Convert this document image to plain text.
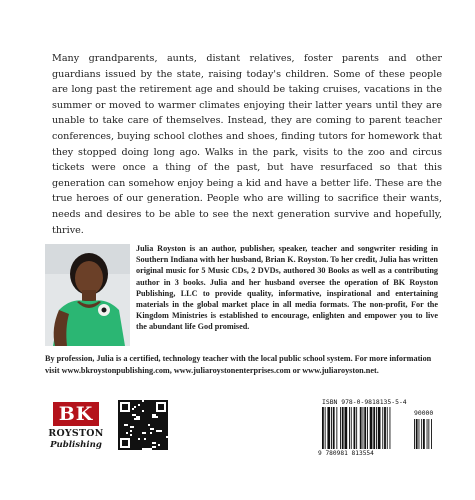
Many grandparents, aunts, distant relatives, foster parents and other guardians issued by the state, raising today's children. Some of these people are long past the retirement age and should be taking cruises, vacations in the summer or moved to warmer climates enjoying their latter years until they are unable to take care of themselves. Instead, they are coming to parent teacher conferences, buying school clothes and shoes, finding tutors for homework that they stopped doing long ago. Walks in the park, visits to the zoo and circus tickets were once a thing of the past, but have resurfaced so that this generation can somehow enjoy being a kid and have a better life. These are the true heroes of our generation. People who are willing to sacrifice their wants, needs and desires to be able to see the next generation survive and hopefully, thrive.

Julia Royston is an author, publisher, speaker, teacher and songwriter residing in Southern Indiana with her husband, Brian K. Royston. To her credit, Julia has written original music for 5 Music CDs, 2 DVDs, authored 30 Books as well as a contributing author in 3 books. Julia and her husband oversee the operation of BK Royston Publishing, LLC to provide quality, informative, inspirational and entertaining materials in the global market place in all media formats. The non-profit, For the Kingdom Ministries is established to encourage, enlighten and empower you to live the abundant life God promised.

By profession, Julia is a certified, technology teacher with the local public school system. For more information visit www.bkroystonpublishing.com, www.juliaroystonenterprises.com or www.juliaroyston.net.

BK
ROYSTON
Publishing
ISBN 978-0-9818135-5-4
90000
9 780981 813554
